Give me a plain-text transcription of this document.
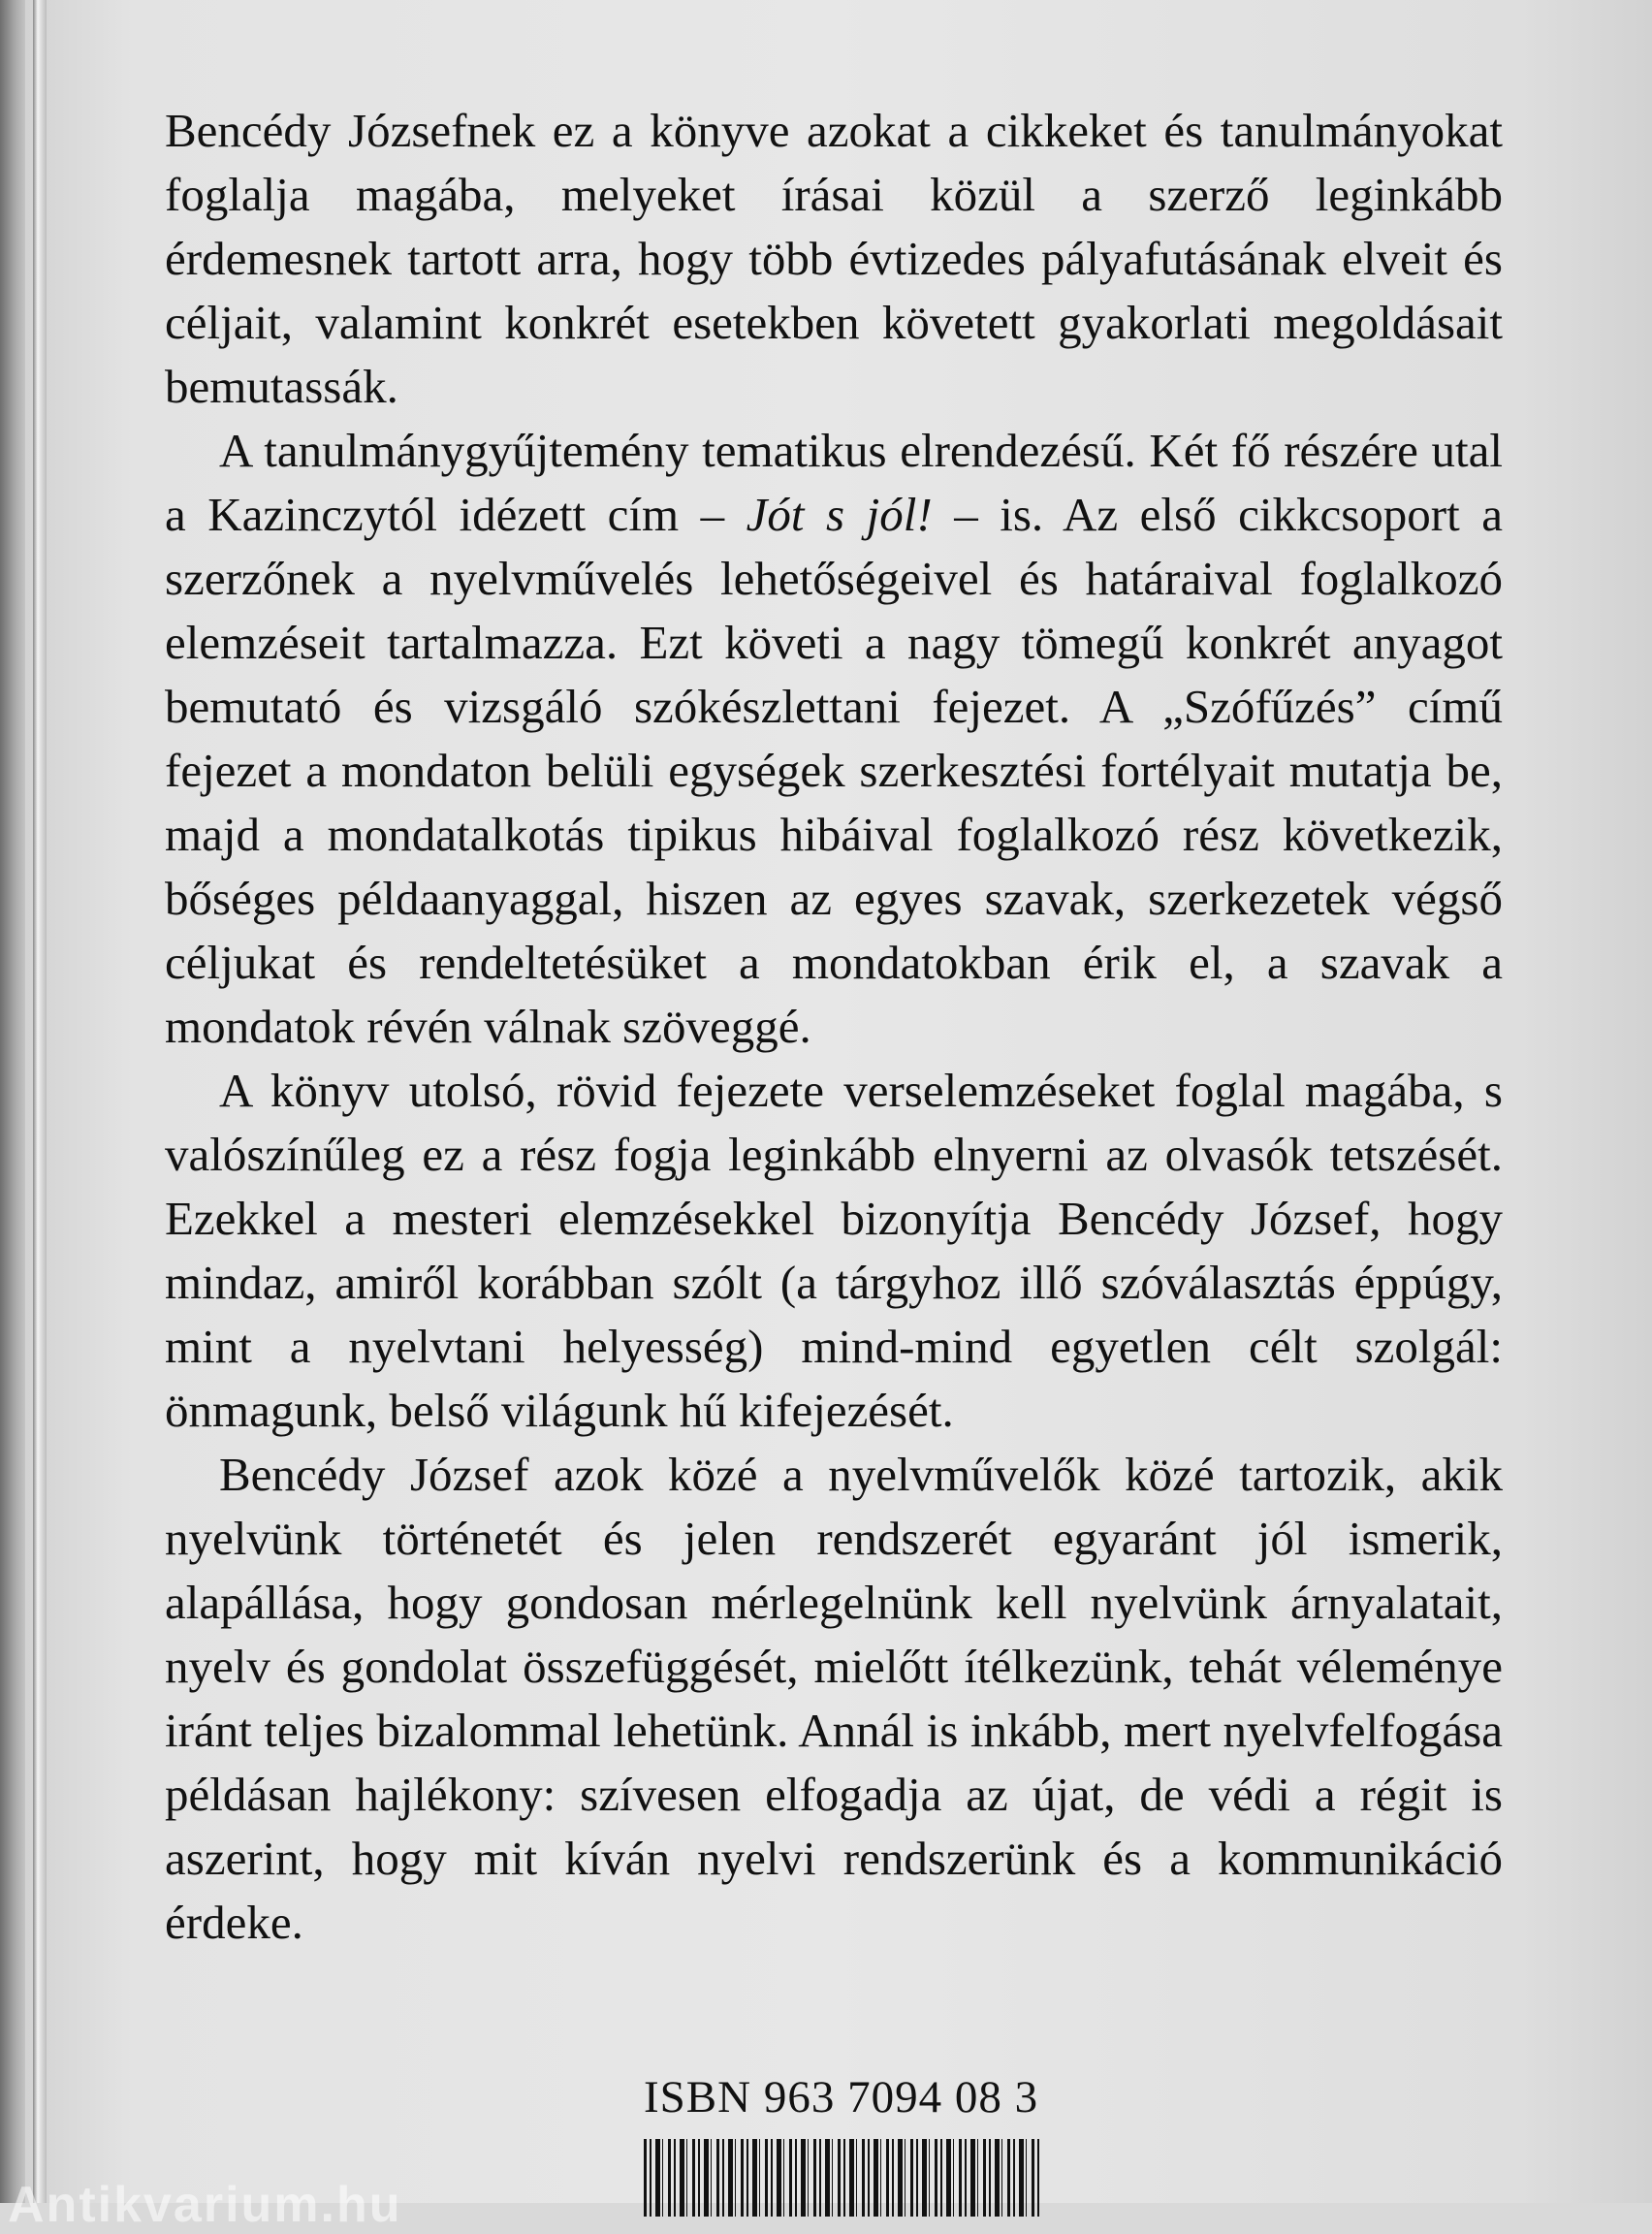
Bencédy Józsefnek ez a könyve azokat a cikkeket és tanulmányokat foglalja magába, melyeket írásai közül a szerző leginkább érdemesnek tartott arra, hogy több évtizedes pályafutásának elveit és céljait, valamint konkrét esetekben követett gyakorlati megoldásait bemutassák.

A tanulmánygyűjtemény tematikus elrendezésű. Két fő részére utal a Kazinczytól idézett cím – Jót s jól! – is. Az első cikkcsoport a szerzőnek a nyelvművelés lehetőségeivel és határaival foglalkozó elemzéseit tartalmazza. Ezt követi a nagy tömegű konkrét anyagot bemutató és vizsgáló szókészlettani fejezet. A „Szófűzés” című fejezet a mondaton belüli egységek szerkesztési fortélyait mutatja be, majd a mondatalkotás tipikus hibáival foglalkozó rész következik, bőséges példaanyaggal, hiszen az egyes szavak, szerkezetek végső céljukat és rendeltetésüket a mondatokban érik el, a szavak a mondatok révén válnak szöveggé.

A könyv utolsó, rövid fejezete verselemzéseket foglal magába, s valószínűleg ez a rész fogja leginkább elnyerni az olvasók tetszését. Ezekkel a mesteri elemzésekkel bizonyítja Bencédy József, hogy mindaz, amiről korábban szólt (a tárgyhoz illő szóválasztás éppúgy, mint a nyelvtani helyesség) mind-mind egyetlen célt szolgál: önmagunk, belső világunk hű kifejezését.

Bencédy József azok közé a nyelvművelők közé tartozik, akik nyelvünk történetét és jelen rendszerét egyaránt jól ismerik, alapállása, hogy gondosan mérlegelnünk kell nyelvünk árnyalatait, nyelv és gondolat összefüggését, mielőtt ítélkezünk, tehát véleménye iránt teljes bizalommal lehetünk. Annál is inkább, mert nyelvfelfogása példásan hajlékony: szívesen elfogadja az újat, de védi a régit is aszerint, hogy mit kíván nyelvi rendszerünk és a kommunikáció érdeke.

ISBN 963 7094 08 3
Antikvarium.hu
